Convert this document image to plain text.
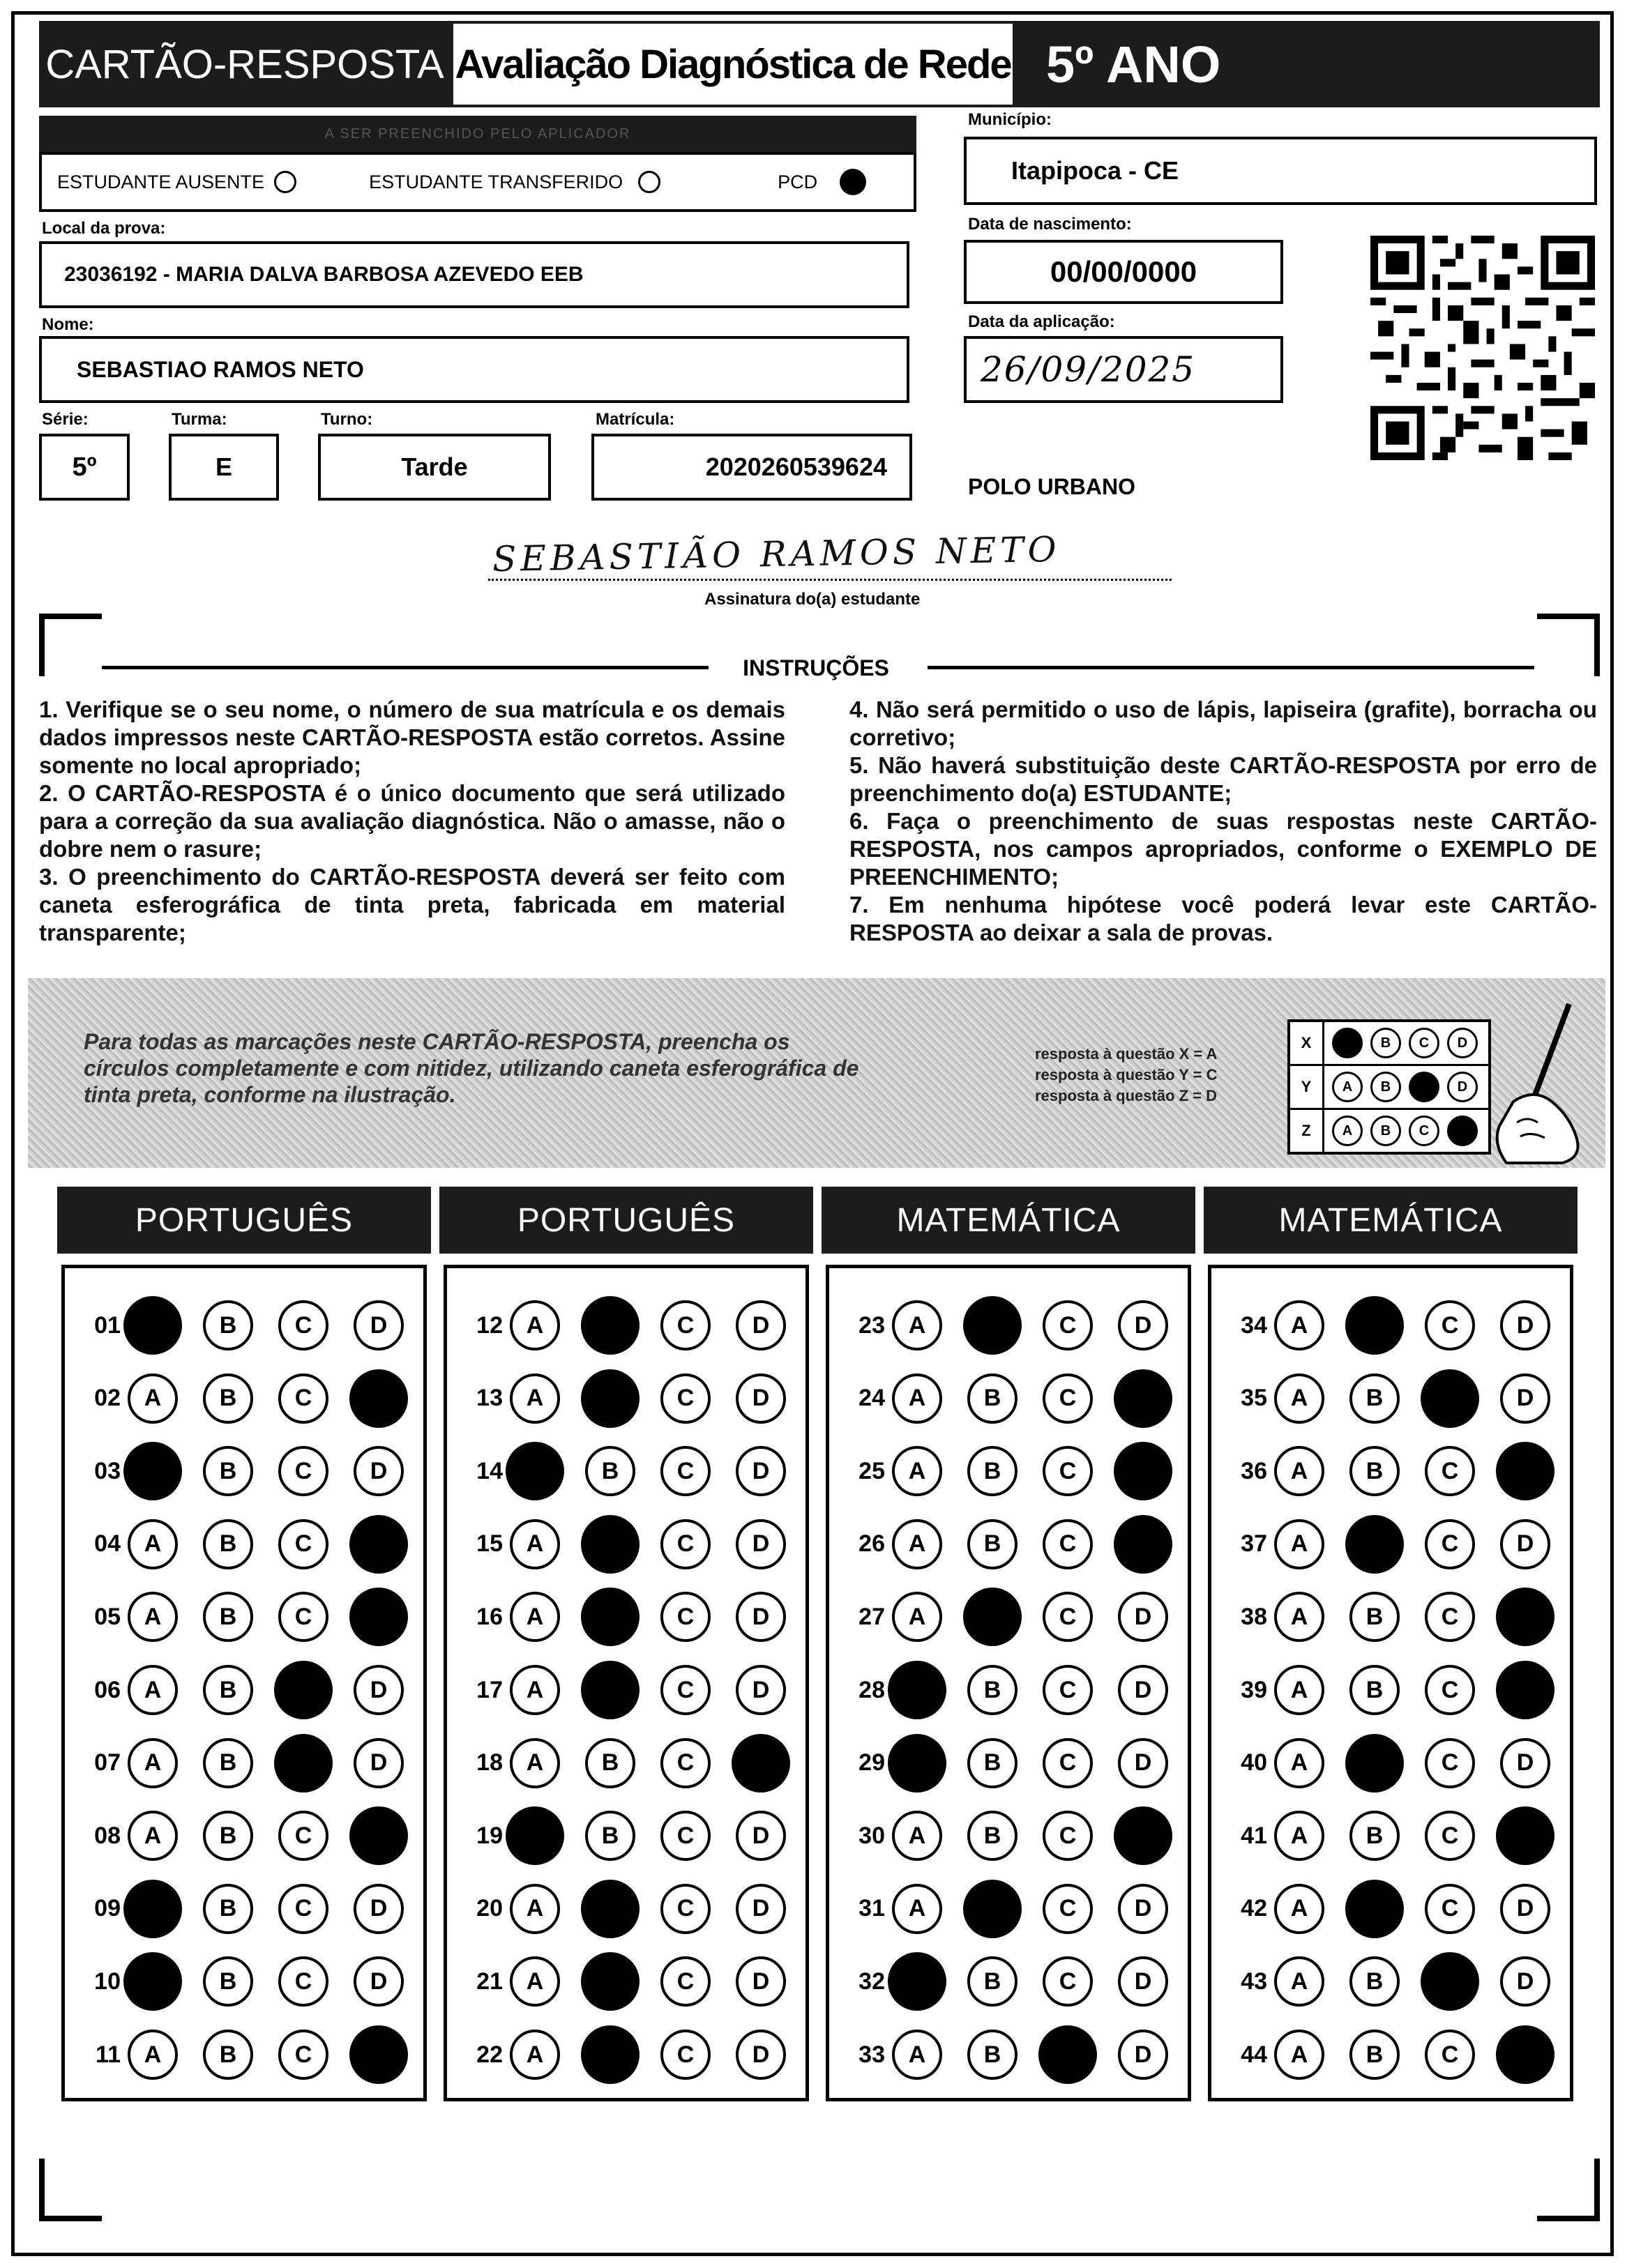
CARTÃO-RESPOSTA Avaliação Diagnóstica de Rede 5º ANO
A SER PREENCHIDO PELO APLICADOR
ESTUDANTE AUSENTE	ESTUDANTE TRANSFERIDO	PCD
Município:
Itapipoca - CE
Data de nascimento:
00/00/0000
Data da aplicação:
26/09/2025
Local da prova:
23036192 - MARIA DALVA BARBOSA AZEVEDO EEB
Nome:
SEBASTIAO RAMOS NETO
Série:
5º
Turma:
E
Turno:
Tarde
Matrícula:
2020260539624
POLO URBANO
SEBASTIÃO RAMOS NETO
Assinatura do(a) estudante
INSTRUÇÕES

1. Verifique se o seu nome, o número de sua matrícula e os demais dados impressos neste CARTÃO-RESPOSTA estão corretos. Assine somente no local apropriado;

2. O CARTÃO-RESPOSTA é o único documento que será utilizado para a correção da sua avaliação diagnóstica. Não o amasse, não o dobre nem o rasure;

3. O preenchimento do CARTÃO-RESPOSTA deverá ser feito com caneta esferográfica de tinta preta, fabricada em material transparente;

4. Não será permitido o uso de lápis, lapiseira (grafite), borracha ou corretivo;

5. Não haverá substituição deste CARTÃO-RESPOSTA por erro de preenchimento do(a) ESTUDANTE;

6. Faça o preenchimento de suas respostas neste CARTÃO-RESPOSTA, nos campos apropriados, conforme o EXEMPLO DE PREENCHIMENTO;

7. Em nenhuma hipótese você poderá levar este CARTÃO-RESPOSTA ao deixar a sala de provas.

Para todas as marcações neste CARTÃO-RESPOSTA, preencha os círculos completamente e com nitidez, utilizando caneta esferográfica de tinta preta, conforme na ilustração.
resposta à questão X = A
resposta à questão Y = C
resposta à questão Z = D
X	A	B	C	D
Y	A	B	C	D
Z	A	B	C	D
PORTUGUÊS
01 A	B	C	D
02 A	B	C	D
03 A	B	C	D
04 A	B	C	D
05 A	B	C	D
06 A	B	C	D
07 A	B	C	D
08 A	B	C	D
09 A	B	C	D
10 A	B	C	D
11 A	B	C	D
PORTUGUÊS
12 A	B	C	D
13 A	B	C	D
14 A	B	C	D
15 A	B	C	D
16 A	B	C	D
17 A	B	C	D
18 A	B	C	D
19 A	B	C	D
20 A	B	C	D
21 A	B	C	D
22 A	B	C	D
MATEMÁTICA
23 A	B	C	D
24 A	B	C	D
25 A	B	C	D
26 A	B	C	D
27 A	B	C	D
28 A	B	C	D
29 A	B	C	D
30 A	B	C	D
31 A	B	C	D
32 A	B	C	D
33 A	B	C	D
MATEMÁTICA
34 A	B	C	D
35 A	B	C	D
36 A	B	C	D
37 A	B	C	D
38 A	B	C	D
39 A	B	C	D
40 A	B	C	D
41 A	B	C	D
42 A	B	C	D
43 A	B	C	D
44 A	B	C	D
